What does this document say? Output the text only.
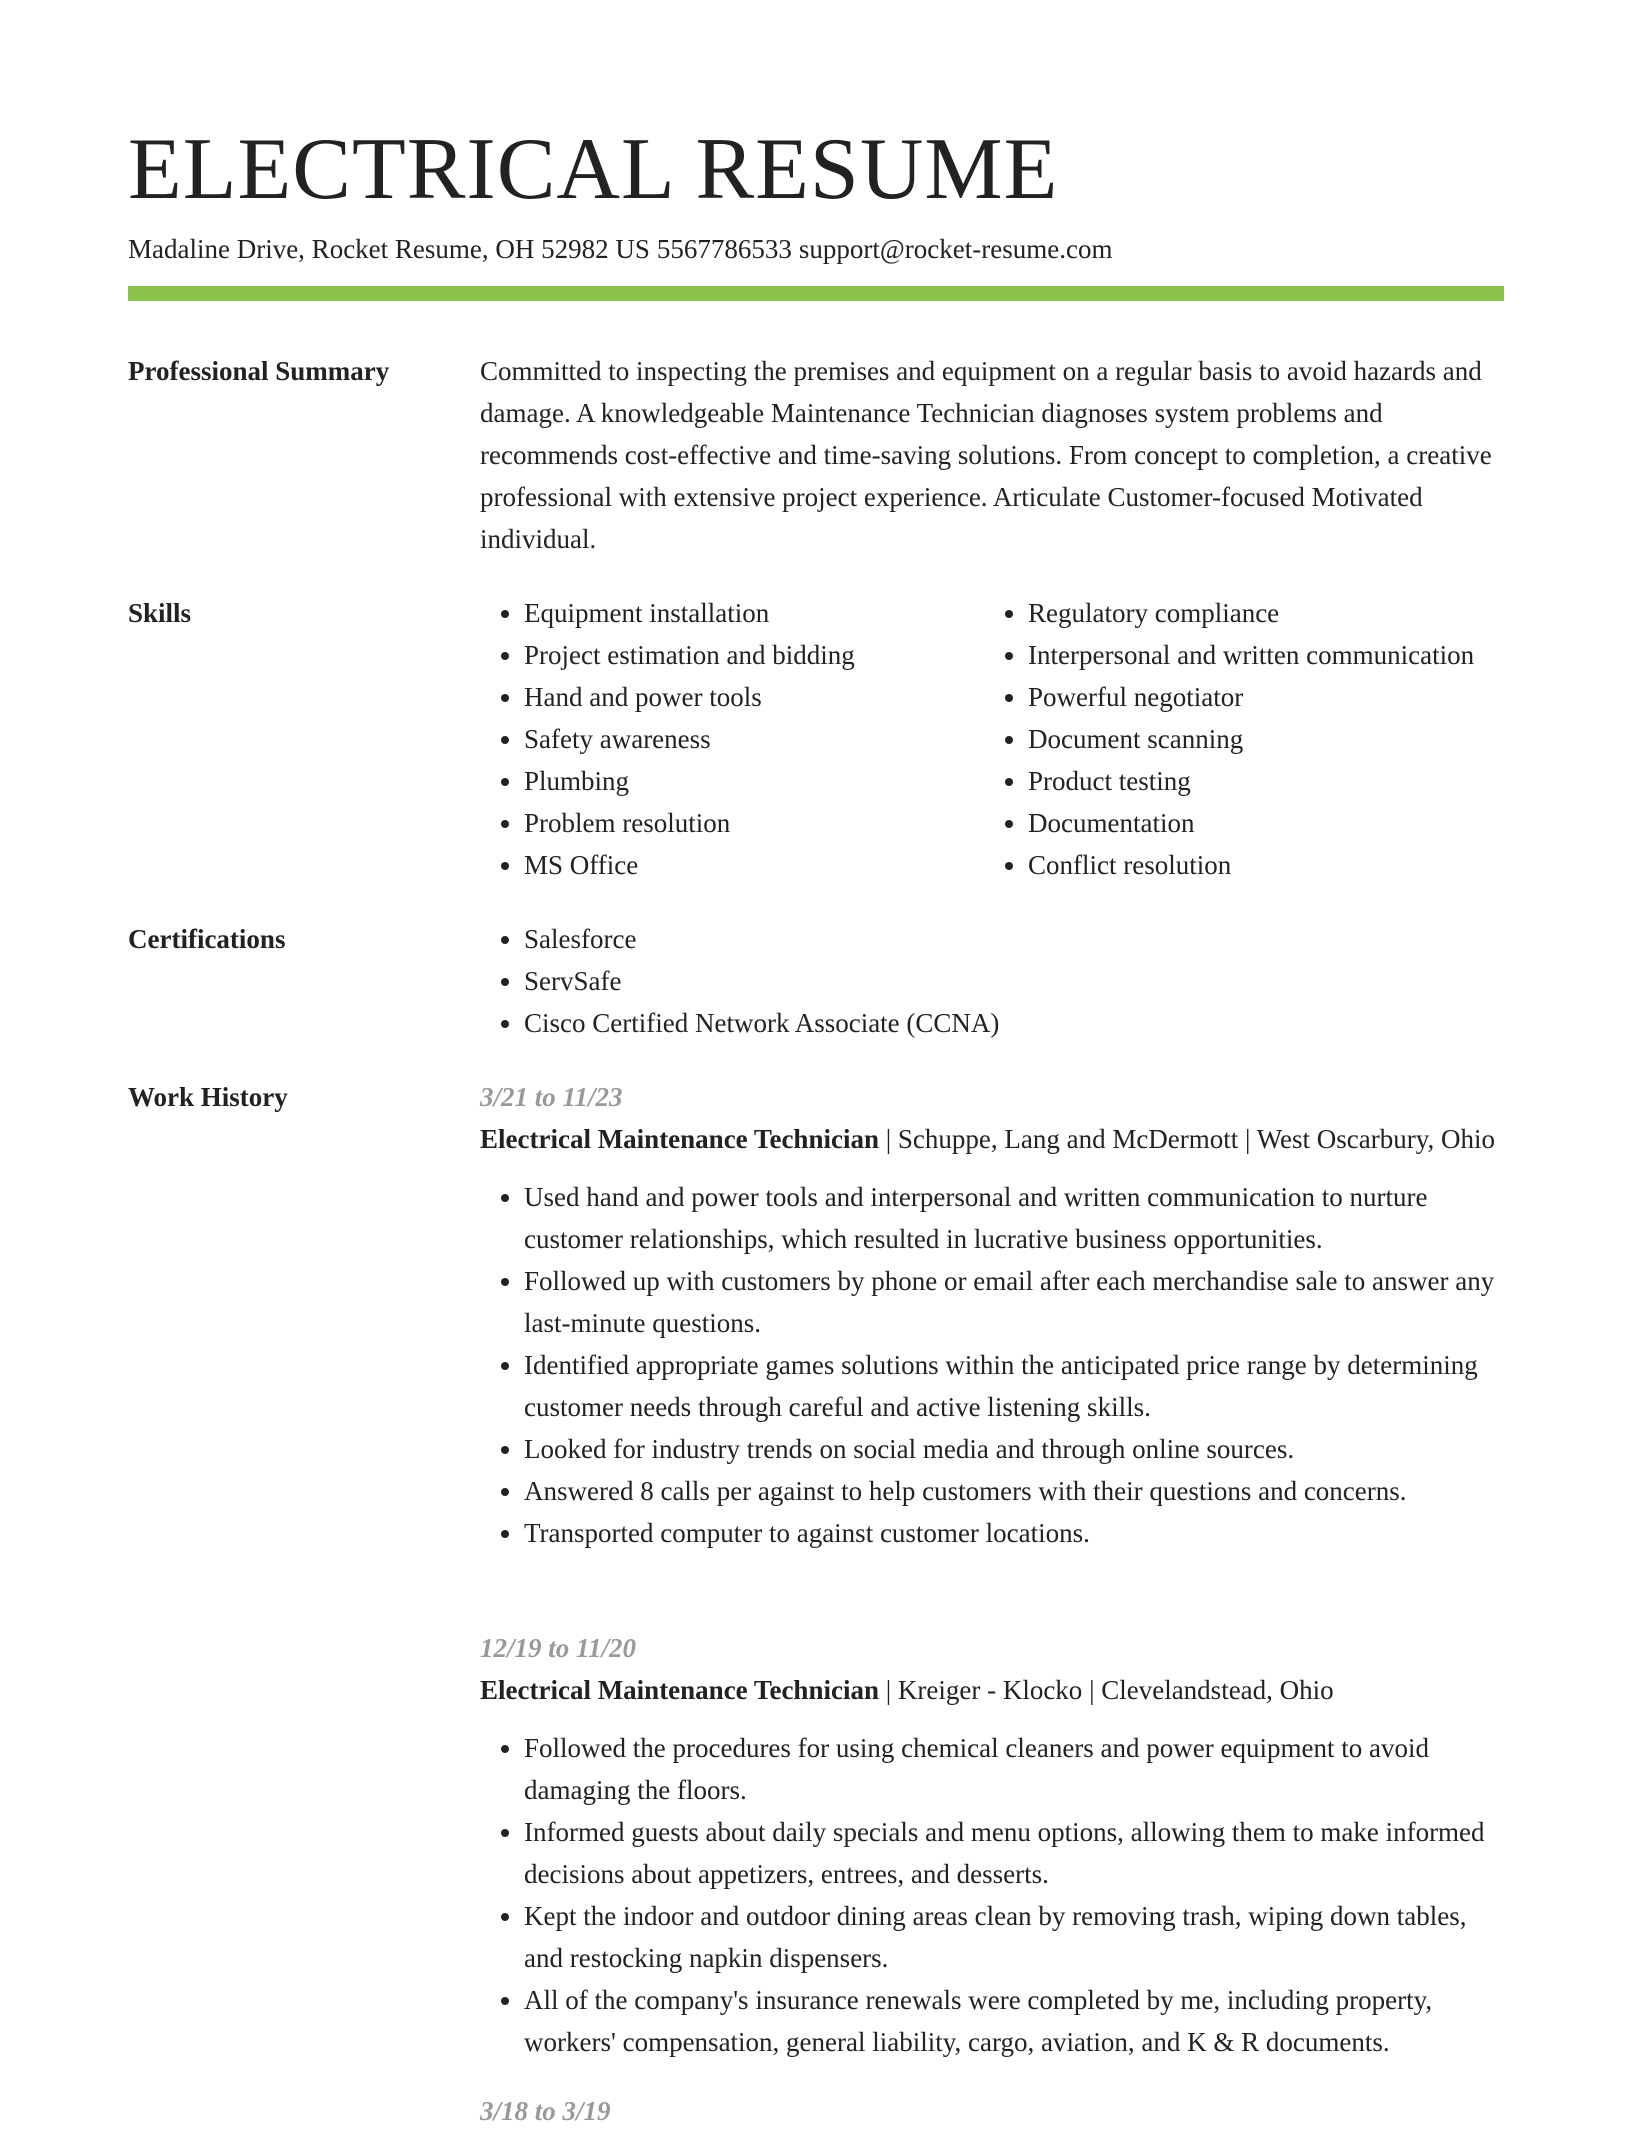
ELECTRICAL RESUME
Madaline Drive, Rocket Resume, OH 52982 US 5567786533 support@rocket-resume.com
Professional Summary	Committed to inspecting the premises and equipment on a regular basis to avoid hazards and damage. A knowledgeable Maintenance Technician diagnoses system problems and recommends cost-effective and time-saving solutions. From concept to completion, a creative professional with extensive project experience. Articulate Customer-focused Motivated individual.

Skills	• Equipment installation
• Project estimation and bidding
• Hand and power tools
• Safety awareness
• Plumbing
• Problem resolution
• MS Office
• Regulatory compliance
• Interpersonal and written communication
• Powerful negotiator
• Document scanning
• Product testing
• Documentation
• Conflict resolution
Certifications	• Salesforce
• ServSafe
• Cisco Certified Network Associate (CCNA)
Work History	3/21 to 11/23

Electrical Maintenance Technician | Schuppe, Lang and McDermott | West Oscarbury, Ohio

• Used hand and power tools and interpersonal and written communication to nurture customer relationships, which resulted in lucrative business opportunities.
• Followed up with customers by phone or email after each merchandise sale to answer any last-minute questions.
• Identified appropriate games solutions within the anticipated price range by determining customer needs through careful and active listening skills.
• Looked for industry trends on social media and through online sources.
• Answered 8 calls per against to help customers with their questions and concerns.
• Transported computer to against customer locations.

12/19 to 11/20

Electrical Maintenance Technician | Kreiger - Klocko | Clevelandstead, Ohio

• Followed the procedures for using chemical cleaners and power equipment to avoid damaging the floors.
• Informed guests about daily specials and menu options, allowing them to make informed decisions about appetizers, entrees, and desserts.
• Kept the indoor and outdoor dining areas clean by removing trash, wiping down tables, and restocking napkin dispensers.
• All of the company's insurance renewals were completed by me, including property, workers' compensation, general liability, cargo, aviation, and K & R documents.

3/18 to 3/19
